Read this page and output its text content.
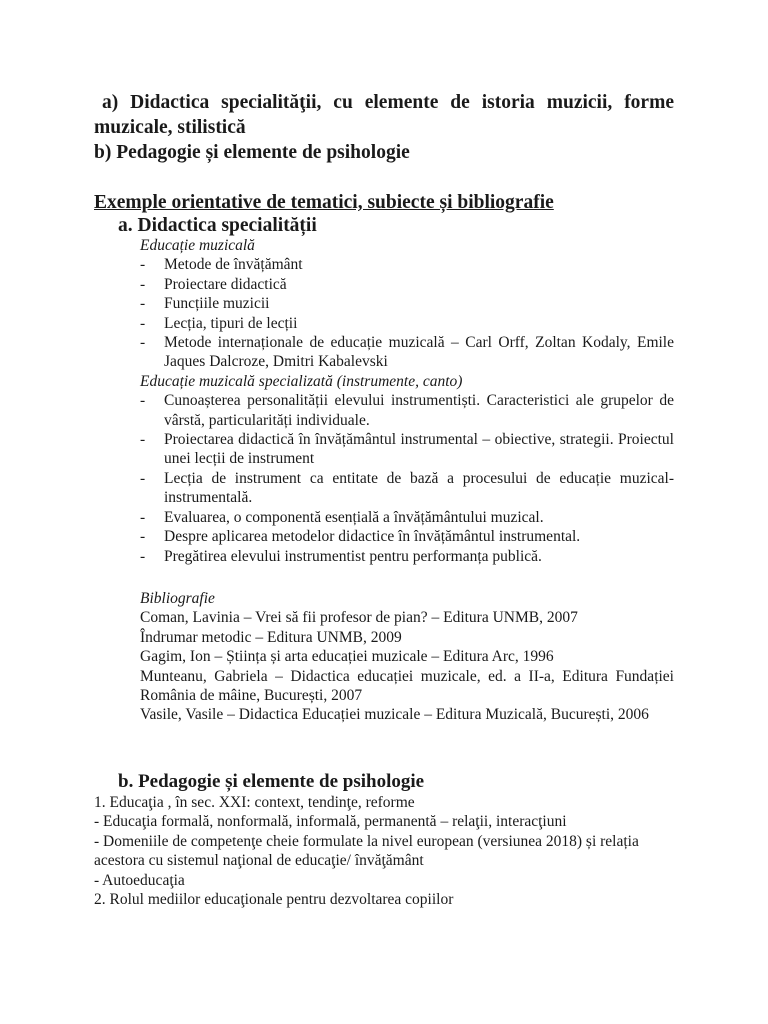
a) Didactica specialităţii, cu elemente de istoria muzicii, forme muzicale, stilistică
b) Pedagogie și elemente de psihologie
Exemple orientative de tematici, subiecte și bibliografie
a. Didactica specialității
Educație muzicală
- Metode de învățământ
- Proiectare didactică
- Funcțiile muzicii
- Lecția, tipuri de lecții
- Metode internaționale de educație muzicală – Carl Orff, Zoltan Kodaly, Emile Jaques Dalcroze, Dmitri Kabalevski
Educație muzicală specializată (instrumente, canto)
- Cunoașterea personalității elevului instrumentiști. Caracteristici ale grupelor de vârstă, particularități individuale.
- Proiectarea didactică în învățământul instrumental – obiective, strategii. Proiectul unei lecții de instrument
- Lecția de instrument ca entitate de bază a procesului de educație muzical-instrumentală.
- Evaluarea, o componentă esențială a învățământului muzical.
- Despre aplicarea metodelor didactice în învățământul instrumental.
- Pregătirea elevului instrumentist pentru performanța publică.

Bibliografie

Coman, Lavinia – Vrei să fii profesor de pian? – Editura UNMB, 2007

Îndrumar metodic – Editura UNMB, 2009

Gagim, Ion – Știința și arta educației muzicale – Editura Arc, 1996

Munteanu, Gabriela – Didactica educației muzicale, ed. a II-a, Editura Fundației România de mâine, București, 2007

Vasile, Vasile – Didactica Educației muzicale – Editura Muzicală, București, 2006

b. Pedagogie și elemente de psihologie

1. Educaţia , în sec. XXI: context, tendinţe, reforme

- Educaţia formală, nonformală, informală, permanentă – relaţii, interacţiuni

- Domeniile de competenţe cheie formulate la nivel european (versiunea 2018) și relația acestora cu sistemul naţional de educaţie/ învăţământ

- Autoeducaţia

2. Rolul mediilor educaţionale pentru dezvoltarea copiilor
